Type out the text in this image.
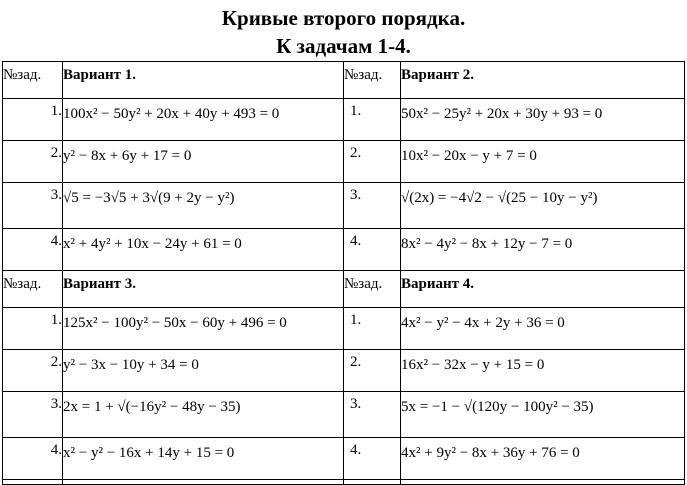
Кривые второго порядка.
К задачам 1-4.
№зад.	Вариант 1.	№зад.	Вариант 2.
1.	100x² − 50y² + 20x + 40y + 493 = 0	1.	50x² − 25y² + 20x + 30y + 93 = 0
2.	y² − 8x + 6y + 17 = 0	2.	10x² − 20x − y + 7 = 0
3.	√5 = −3√5 + 3√(9 + 2y − y²)	3.	√(2x) = −4√2 − √(25 − 10y − y²)
4.	x² + 4y² + 10x − 24y + 61 = 0	4.	8x² − 4y² − 8x + 12y − 7 = 0
№зад.	Вариант 3.	№зад.	Вариант 4.
1.	125x² − 100y² − 50x − 60y + 496 = 0	1.	4x² − y² − 4x + 2y + 36 = 0
2.	y² − 3x − 10y + 34 = 0	2.	16x² − 32x − y + 15 = 0
3.	2x = 1 + √(−16y² − 48y − 35)	3.	5x = −1 − √(120y − 100y² − 35)
4.	x² − y² − 16x + 14y + 15 = 0	4.	4x² + 9y² − 8x + 36y + 76 = 0
